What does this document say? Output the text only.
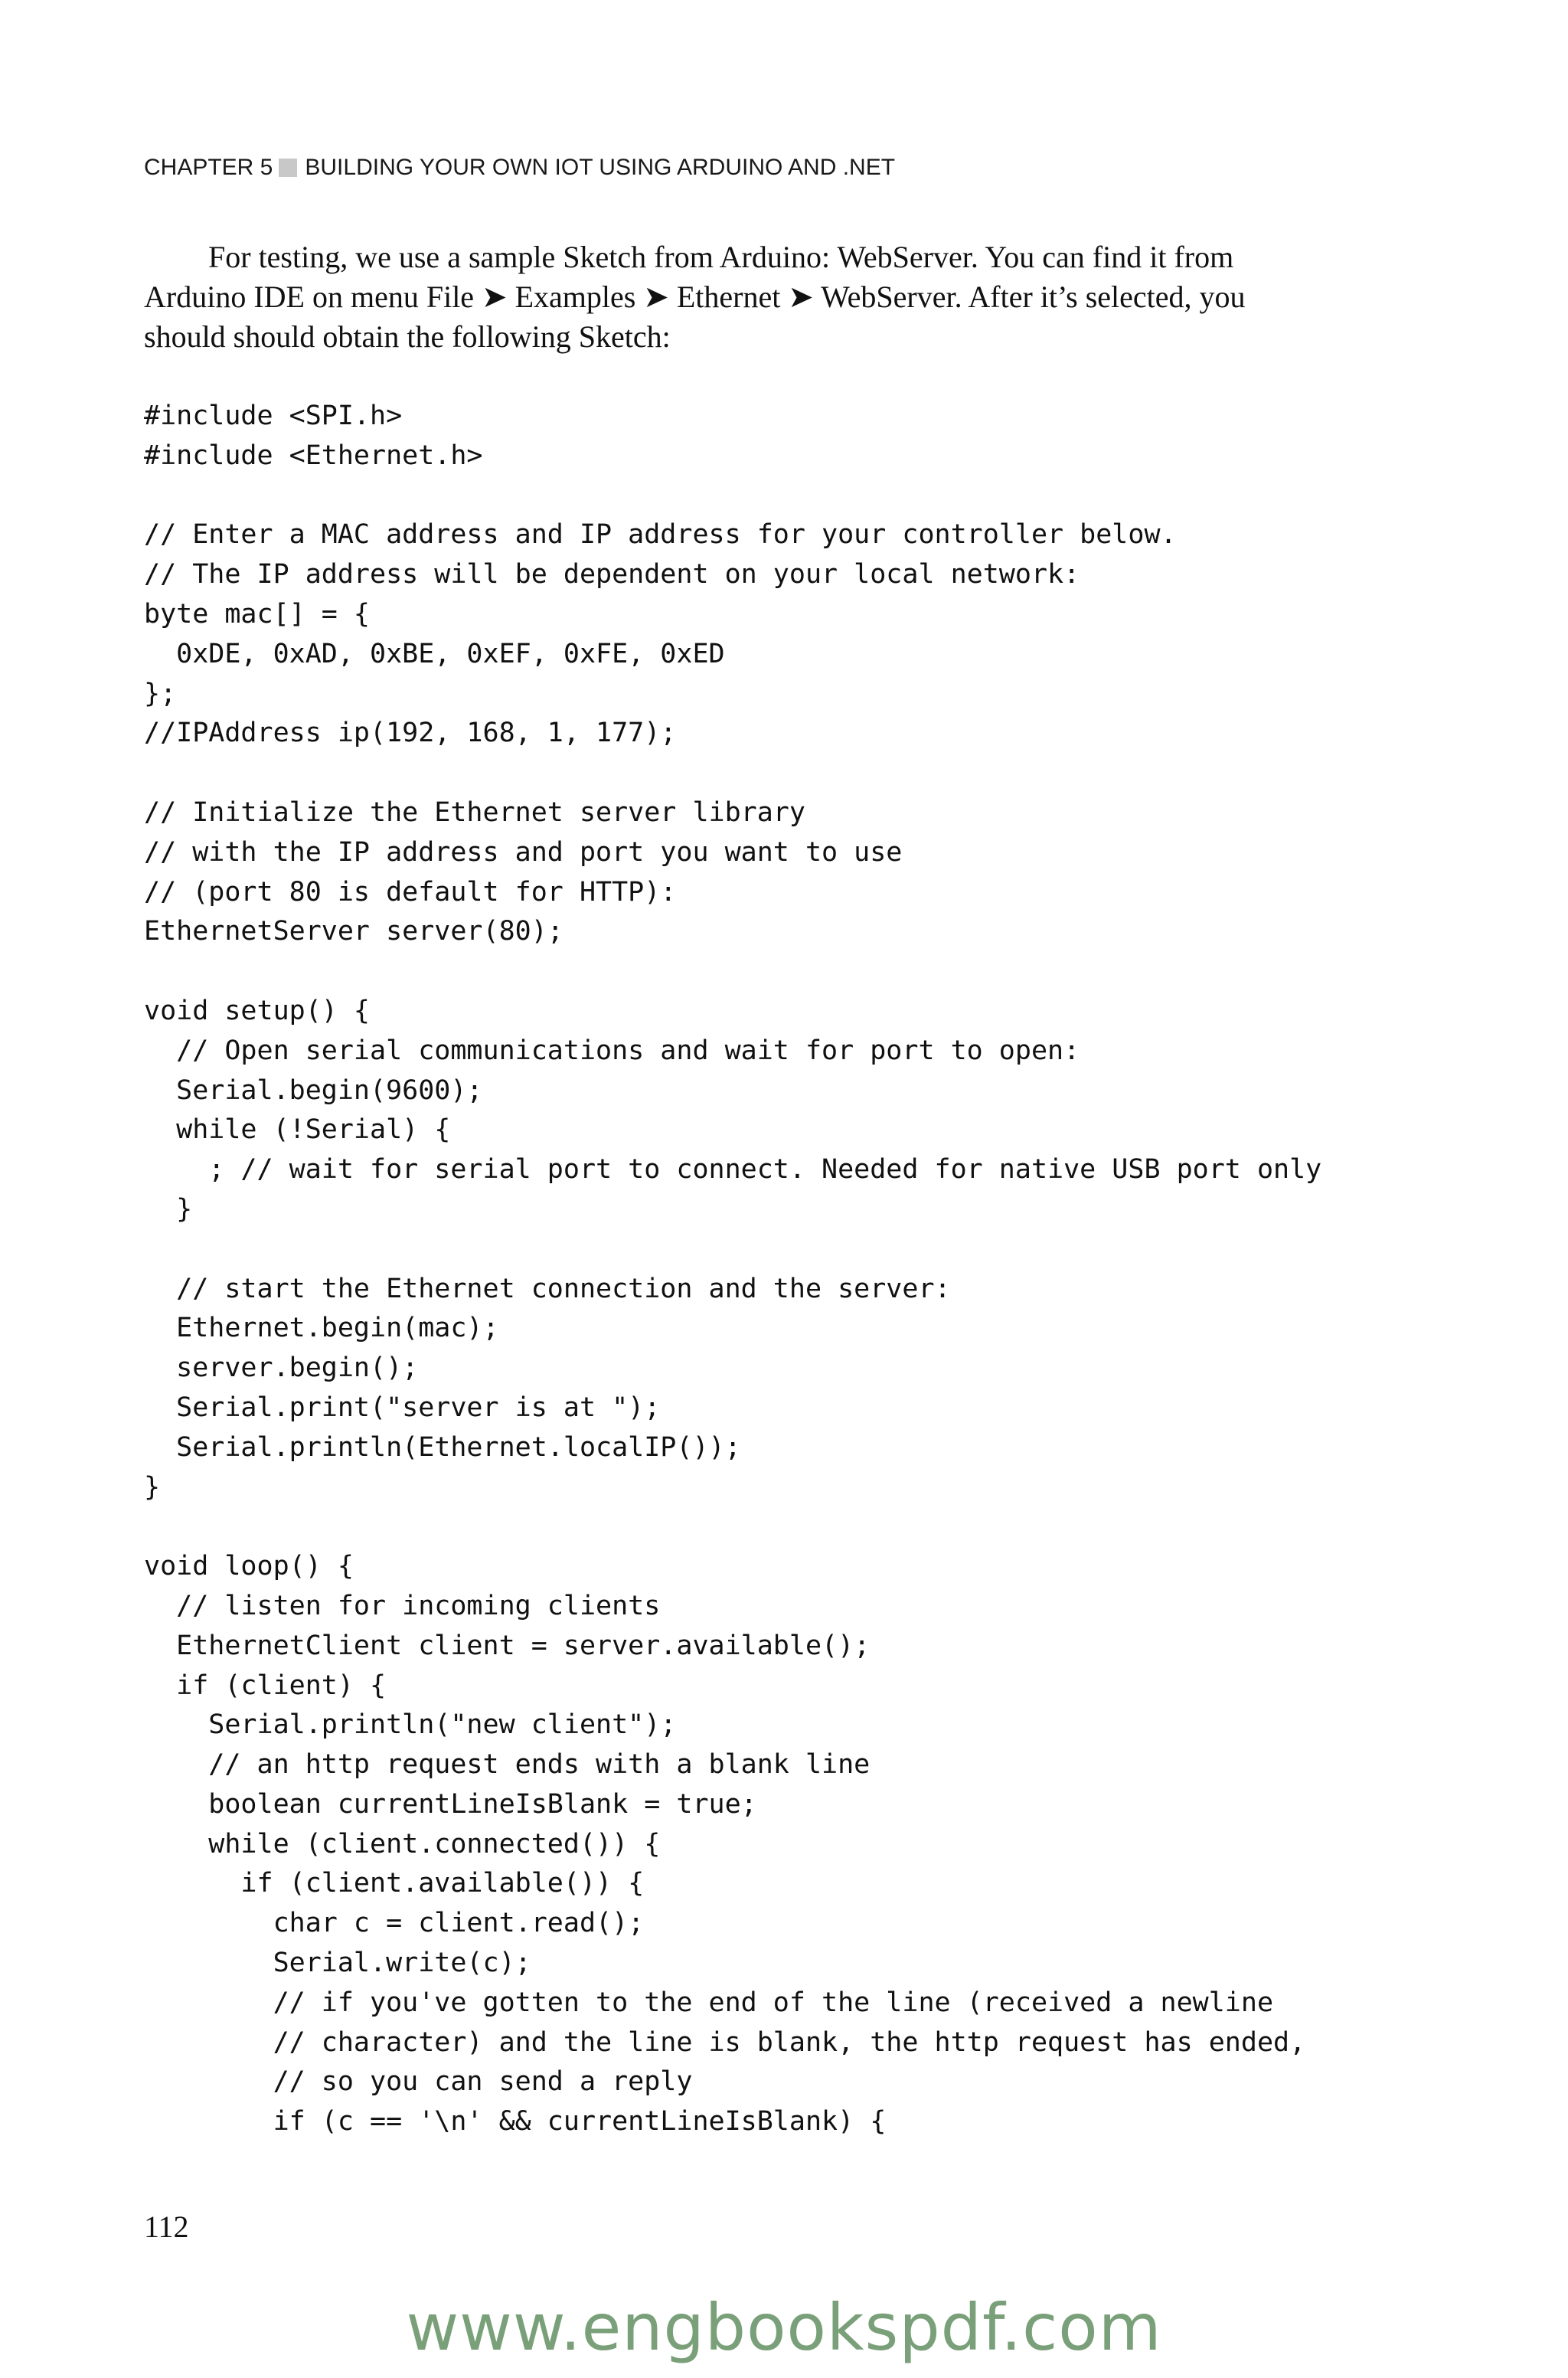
CHAPTER 5 BUILDING YOUR OWN IOT USING ARDUINO AND .NET
For testing, we use a sample Sketch from Arduino: WebServer. You can find it from
Arduino IDE on menu File ➤ Examples ➤ Ethernet ➤ WebServer. After it’s selected, you
should should obtain the following Sketch:
#include <SPI.h>
#include <Ethernet.h>
// Enter a MAC address and IP address for your controller below.
// The IP address will be dependent on your local network:
byte mac[] = {
0xDE, 0xAD, 0xBE, 0xEF, 0xFE, 0xED
};
//IPAddress ip(192, 168, 1, 177);
// Initialize the Ethernet server library
// with the IP address and port you want to use
// (port 80 is default for HTTP):
EthernetServer server(80);
void setup() {
// Open serial communications and wait for port to open:
Serial.begin(9600);
while (!Serial) {
; // wait for serial port to connect. Needed for native USB port only
}
// start the Ethernet connection and the server:
Ethernet.begin(mac);
server.begin();
Serial.print("server is at ");
Serial.println(Ethernet.localIP());
}
void loop() {
// listen for incoming clients
EthernetClient client = server.available();
if (client) {
Serial.println("new client");
// an http request ends with a blank line
boolean currentLineIsBlank = true;
while (client.connected()) {
if (client.available()) {
char c = client.read();
Serial.write(c);
// if you've gotten to the end of the line (received a newline
// character) and the line is blank, the http request has ended,
// so you can send a reply
if (c == '\n' && currentLineIsBlank) {
112
www.engbookspdf.com
